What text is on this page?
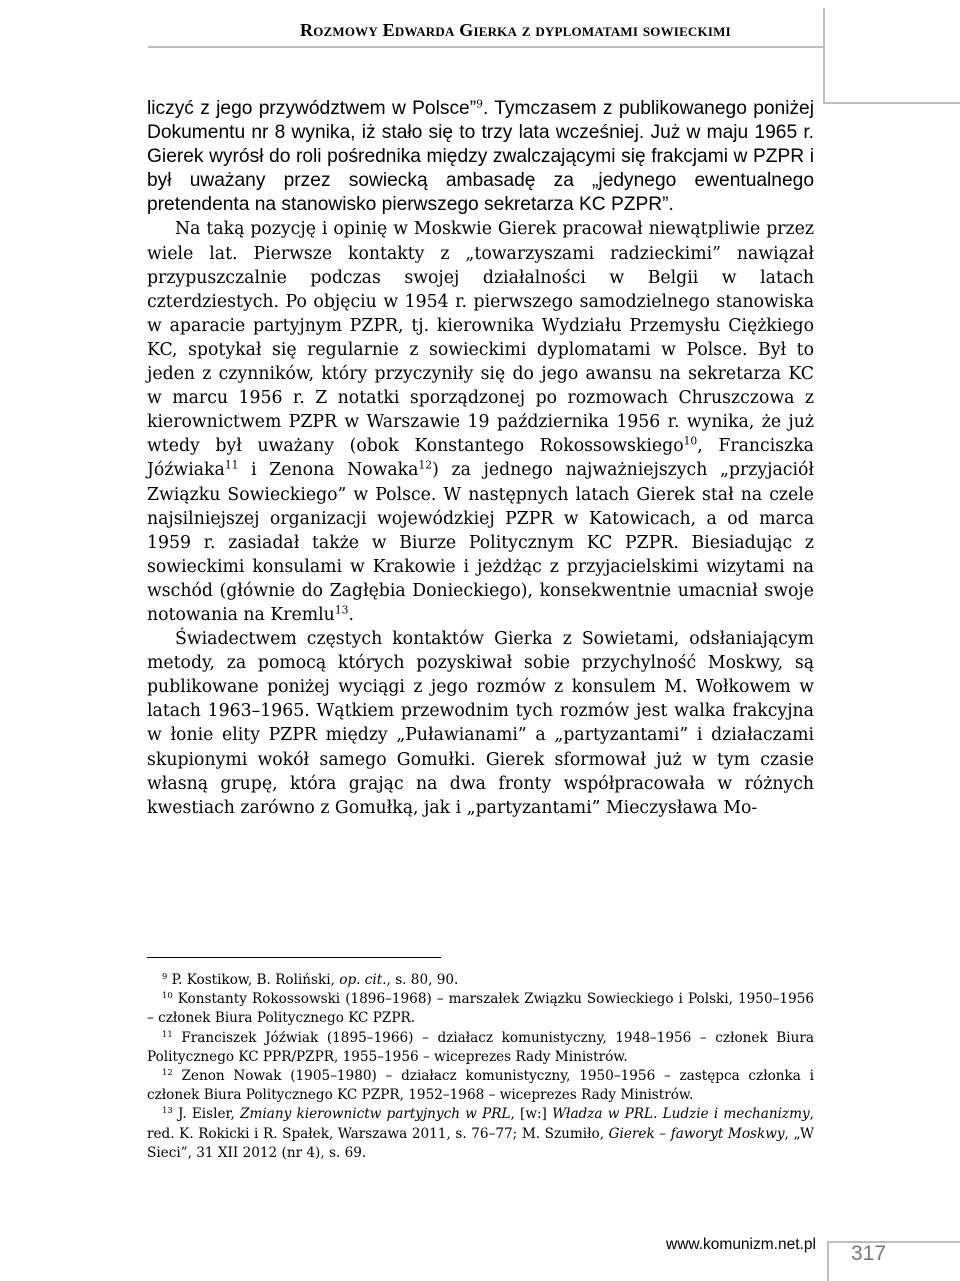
Rozmowy Edwarda Gierka z dyplomatami sowieckimi

liczyć z jego przywództwem w Polsce”$^9$. Tymczasem z publikowanego poniżej Dokumentu nr 8 wynika, iż stało się to trzy lata wcześniej. Już w maju 1965 r. Gierek wyrósł do roli pośrednika między zwalczającymi się frakcjami w PZPR i był uważany przez sowiecką ambasadę za „jedynego ewentualnego pretendenta na stanowisko pierwszego sekretarza KC PZPR”.

Na taką pozycję i opinię w Moskwie Gierek pracował niewątpliwie przez wiele lat. Pierwsze kontakty z „towarzyszami radzieckimi” nawiązał przypuszczalnie podczas swojej działalności w Belgii w latach czterdziestych. Po objęciu w 1954 r. pierwszego samodzielnego stanowiska w aparacie partyjnym PZPR, tj. kierownika Wydziału Przemysłu Ciężkiego KC, spotykał się regularnie z sowieckimi dyplomatami w Polsce. Był to jeden z czynników, który przyczyniły się do jego awansu na sekretarza KC w marcu 1956 r. Z notatki sporządzonej po rozmowach Chruszczowa z kierownictwem PZPR w Warszawie 19 października 1956 r. wynika, że już wtedy był uważany (obok Konstantego Rokossowskiego$^{10}$, Franciszka Jóźwiaka$^{11}$ i Zenona Nowaka$^{12}$) za jednego najważniejszych „przyjaciół Związku Sowieckiego” w Polsce. W następnych latach Gierek stał na czele najsilniejszej organizacji wojewódzkiej PZPR w Katowicach, a od marca 1959 r. zasiadał także w Biurze Politycznym KC PZPR. Biesiadując z sowieckimi konsulami w Krakowie i jeżdżąc z przyjacielskimi wizytami na wschód (głównie do Zagłębia Donieckiego), konsekwentnie umacniał swoje notowania na Kremlu$^{13}$.

Świadectwem częstych kontaktów Gierka z Sowietami, odsłaniającym metody, za pomocą których pozyskiwał sobie przychylność Moskwy, są publikowane poniżej wyciągi z jego rozmów z konsulem M. Wołkowem w latach 1963–1965. Wątkiem przewodnim tych rozmów jest walka frakcyjna w łonie elity PZPR między „Puławianami” a „partyzantami” i działaczami skupionymi wokół samego Gomułki. Gierek sformował już w tym czasie własną grupę, która grając na dwa fronty współpracowała w różnych kwestiach zarówno z Gomułką, jak i „partyzantami” Mieczysława Mo-

$^9$ P. Kostikow, B. Roliński, op. cit., s. 80, 90.

$^{10}$ Konstanty Rokossowski (1896–1968) – marszałek Związku Sowieckiego i Polski, 1950–1956 – członek Biura Politycznego KC PZPR.

$^{11}$ Franciszek Jóźwiak (1895–1966) – działacz komunistyczny, 1948–1956 – członek Biura Politycznego KC PPR/PZPR, 1955–1956 – wiceprezes Rady Ministrów.

$^{12}$ Zenon Nowak (1905–1980) – działacz komunistyczny, 1950–1956 – zastępca członka i członek Biura Politycznego KC PZPR, 1952–1968 – wiceprezes Rady Ministrów.

$^{13}$ J. Eisler, Zmiany kierownictw partyjnych w PRL, [w:] Władza w PRL. Ludzie i mechanizmy, red. K. Rokicki i R. Spałek, Warszawa 2011, s. 76–77; M. Szumiło, Gierek – faworyt Moskwy, „W Sieci”, 31 XII 2012 (nr 4), s. 69.

www.komunizm.net.pl 317
